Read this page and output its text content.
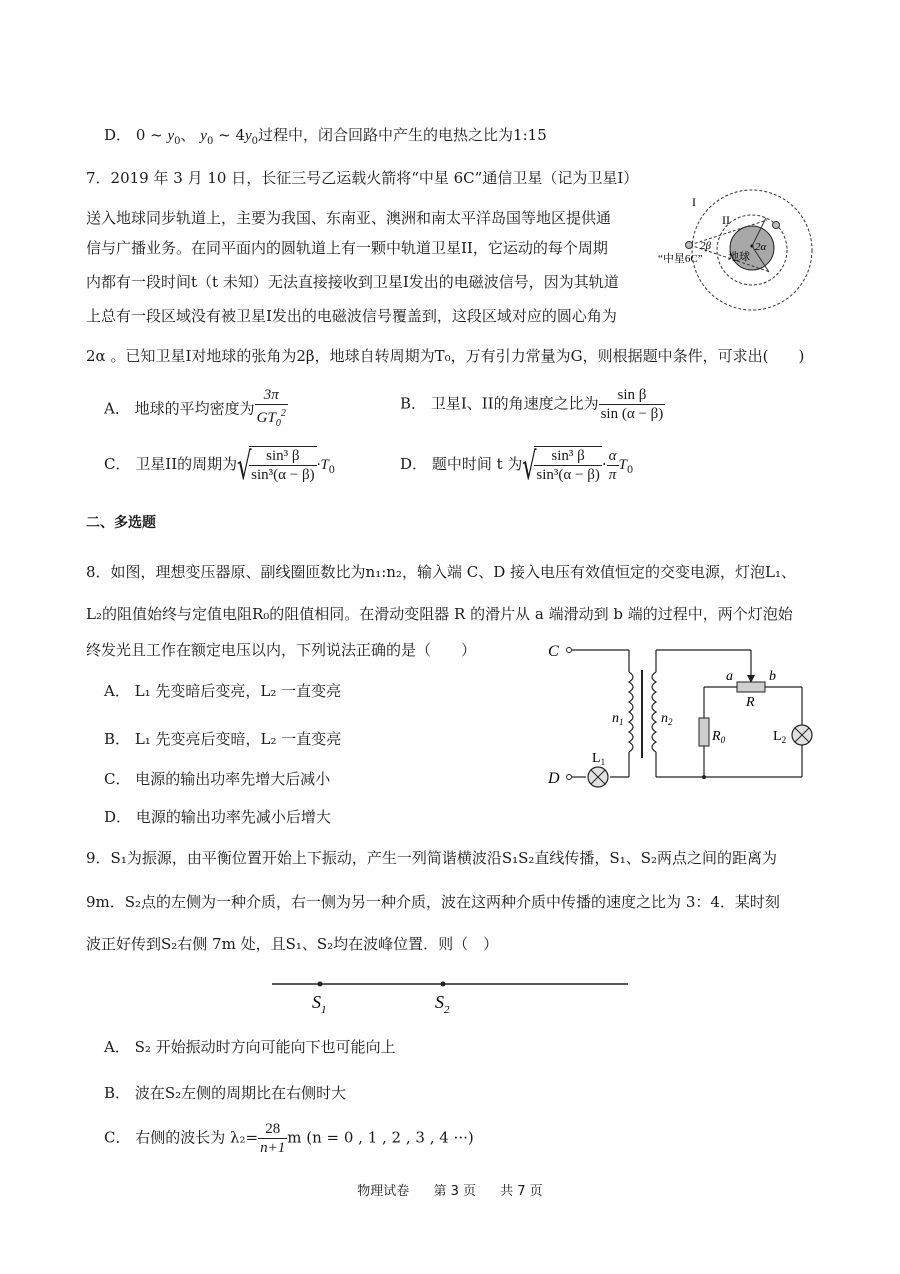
D． 0 ~ $y_0$、 $y_0$ ~ $4y_0$过程中，闭合回路中产生的电热之比为1:15
7．2019 年 3 月 10 日，长征三号乙运载火箭将“中星 6C”通信卫星（记为卫星I）
送入地球同步轨道上，主要为我国、东南亚、澳洲和南太平洋岛国等地区提供通
信与广播业务。在同平面内的圆轨道上有一颗中轨道卫星II，它运动的每个周期
内都有一段时间t（t 未知）无法直接接收到卫星I发出的电磁波信号，因为其轨道
上总有一段区域没有被卫星I发出的电磁波信号覆盖到，这段区域对应的圆心角为
2α 。已知卫星I对地球的张角为2β，地球自转周期为T₀，万有引力常量为G，则根据题中条件，可求出(　　)
I
II
2β	2α
地球
“中星6C”
A． 地球的平均密度为 $\frac{3\pi}{GT_0^2}$	B． 卫星I、II的角速度之比为 $\frac{\text{sin β}}{\sin (\alpha - \beta)}$
C． 卫星II的周期为 √
$\frac{\text{sin³ β}}{\text{sin³(α − β)}} \cdot T_0$	D． 题中时间 t 为 √
$\frac{\text{sin³ β}}{\text{sin³(α − β)}} \cdot \frac{\alpha}{\pi} T_0$
二、多选题
8．如图，理想变压器原、副线圈匝数比为n₁:n₂，输入端 C、D 接入电压有效值恒定的交变电源，灯泡L₁、
L₂的阻值始终与定值电阻R₀的阻值相同。在滑动变阻器 R 的滑片从 a 端滑动到 b 端的过程中，两个灯泡始
终发光且工作在额定电压以内，下列说法正确的是（　　）	C
D
$n_1$	$n_2$
a	b
R
$R_0$
$L_1$
$L_2$
A． L₁ 先变暗后变亮，L₂ 一直变亮
B． L₁ 先变亮后变暗，L₂ 一直变亮
C． 电源的输出功率先增大后减小
D． 电源的输出功率先减小后增大
9．S₁为振源，由平衡位置开始上下振动，产生一列简谐横波沿S₁S₂直线传播，S₁、S₂两点之间的距离为
9m．S₂点的左侧为一种介质，右一侧为另一种介质，波在这两种介质中传播的速度之比为 3：4．某时刻
波正好传到S₂右侧 7m 处，且S₁、S₂均在波峰位置．则（　）
$S_1$	$S_2$
A． S₂ 开始振动时方向可能向下也可能向上
B． 波在S₂左侧的周期比在右侧时大
C． 右侧的波长为 $\lambda_2= \frac{28}{n+1}$ m (n = 0 , 1 , 2 , 3 , 4 ···)
物理试卷 第 3 页 共 7 页
